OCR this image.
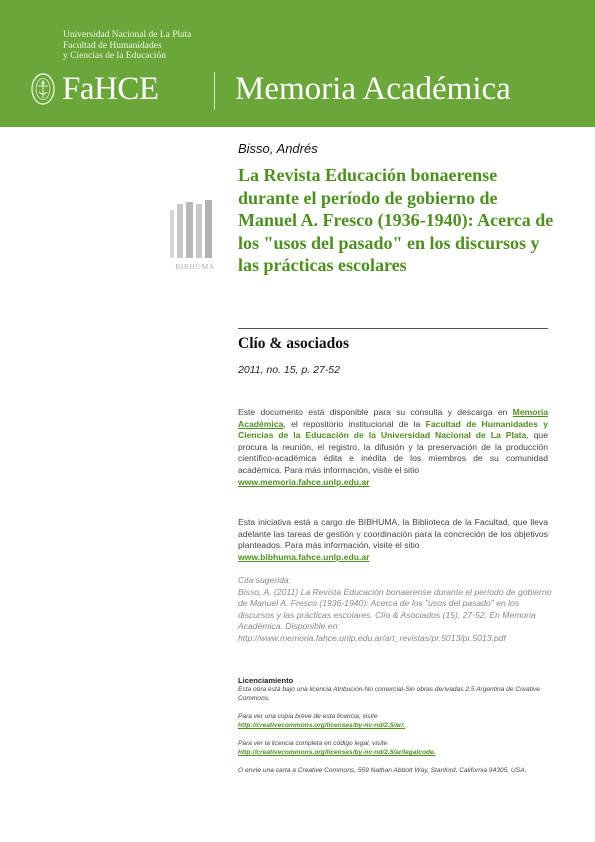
Universidad Nacional de La Plata
Facultad de Humanidades
y Ciencias de la Educación
FaHCE Memoria Académica
BIBHUMA
Bisso, Andrés
La Revista Educación bonaerense durante el período de gobierno de Manuel A. Fresco (1936-1940): Acerca de los "usos del pasado" en los discursos y las prácticas escolares
Clío & asociados
2011, no. 15, p. 27-52
Este documento está disponible para su consulta y descarga en Memoria Académica, el repositorio institucional de la Facultad de Humanidades y Ciencias de la Educación de la Universidad Nacional de La Plata, que procura la reunión, el registro, la difusión y la preservación de la producción científico-académica édita e inédita de los miembros de su comunidad académica. Para más información, visite el sitio
www.memoria.fahce.unlp.edu.ar
Esta iniciativa está a cargo de BIBHUMA, la Biblioteca de la Facultad, que lleva adelante las tareas de gestión y coordinación para la concreción de los objetivos planteados. Para más información, visite el sitio
www.bibhuma.fahce.unlp.edu.ar
Cita sugerida:
Bisso, A. (2011) La Revista Educación bonaerense durante el período de gobierno de Manuel A. Fresco (1936-1940): Acerca de los "usos del pasado" en los discursos y las prácticas escolares. Clío & Asociados (15), 27-52. En Memoria Académica. Disponible en: http://www.memoria.fahce.unlp.edu.ar/art_revistas/pr.5013/pr.5013.pdf
Licenciamiento
Esta obra está bajo una licencia Atribución-No comercial-Sin obras derivadas 2.5 Argentina de Creative Commons.
Para ver una copia breve de esta licencia, visite
http://creativecommons.org/licenses/by-nc-nd/2.5/ar/.
Para ver la licencia completa en código legal, visite
http://creativecommons.org/licenses/by-nc-nd/2.5/ar/legalcode.
O envíe una carta a Creative Commons, 559 Nathan Abbott Way, Stanford, California 94305, USA.
